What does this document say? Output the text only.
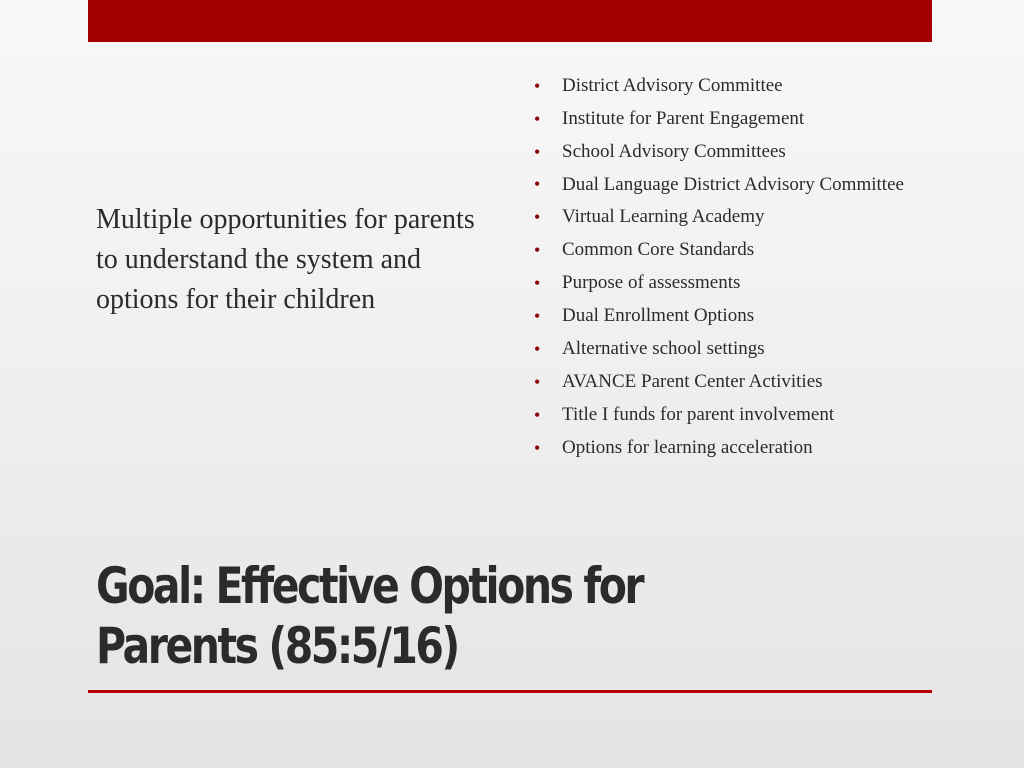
Multiple opportunities for parents to understand the system and options for their children
• District Advisory Committee
• Institute for Parent Engagement
• School Advisory Committees
• Dual Language District Advisory Committee
• Virtual Learning Academy
• Common Core Standards
• Purpose of assessments
• Dual Enrollment Options
• Alternative school settings
• AVANCE Parent Center Activities
• Title I funds for parent involvement
• Options for learning acceleration
Goal: Effective Options for Parents (85:5/16)
